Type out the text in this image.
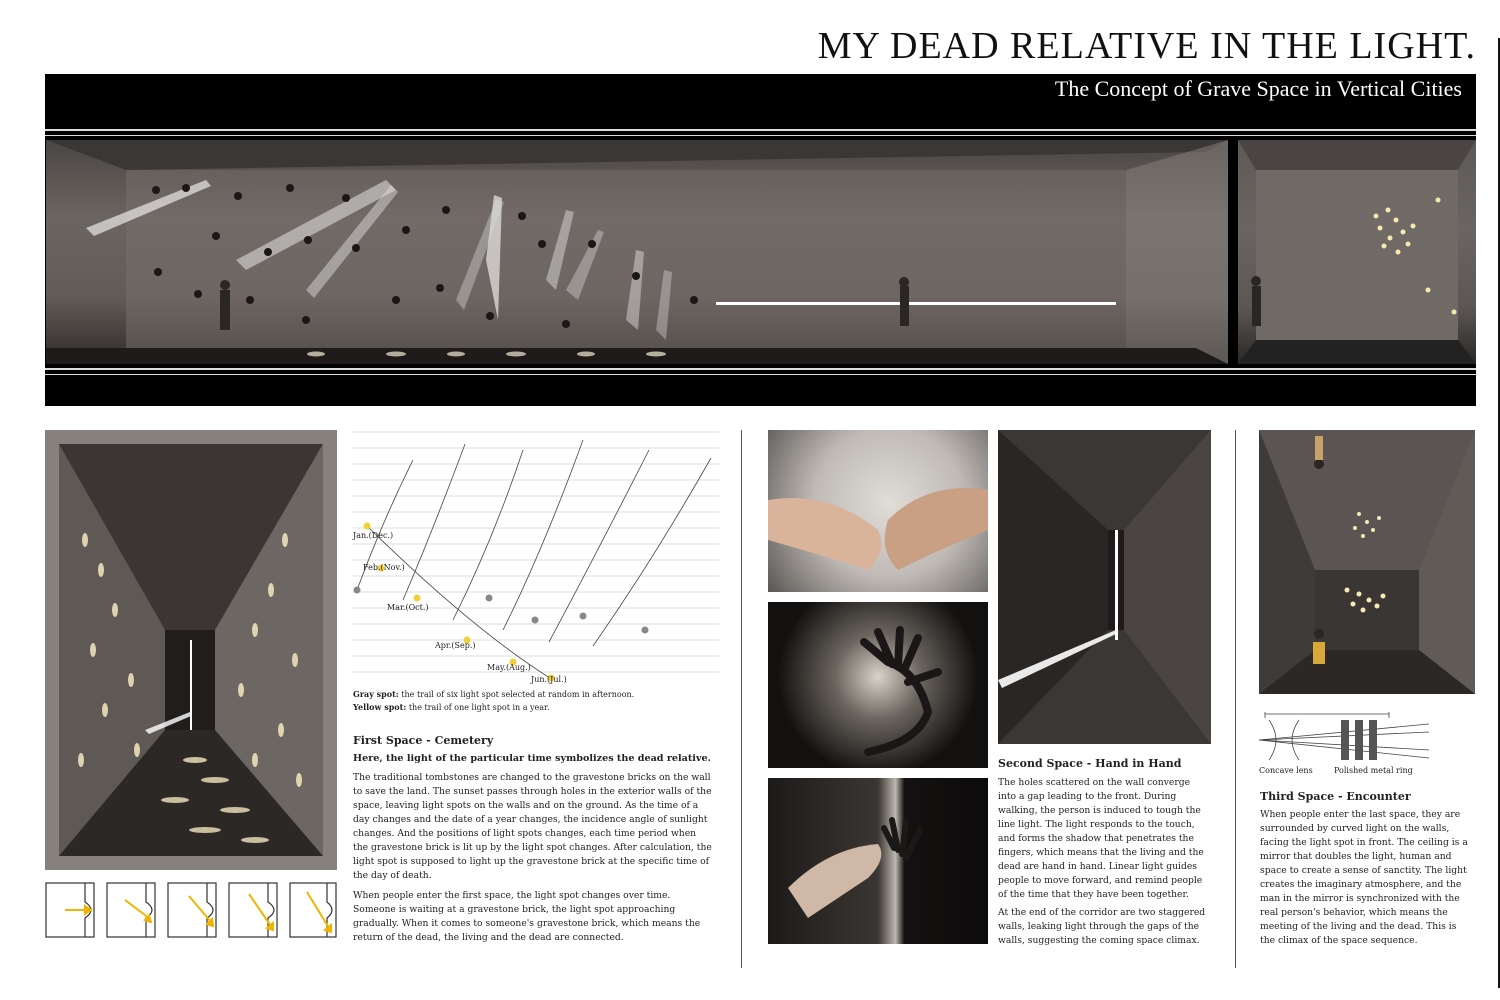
MY DEAD RELATIVE IN THE LIGHT.
The Concept of Grave Space in Vertical Cities
Jan.(Dec.)
Feb.(Nov.)
Mar.(Oct.)
Apr.(Sep.)
May.(Aug.)
Jun.(Jul.)
Gray spot: the trail of six light spot selected at random in afternoon.
Yellow spot: the trail of one light spot in a year.
First Space - Cemetery
Here, the light of the particular time symbolizes the dead relative.
The traditional tombstones are changed to the gravestone bricks on the wall to save the land. The sunset passes through holes in the exterior walls of the space, leaving light spots on the walls and on the ground. As the time of a day changes and the date of a year changes, the incidence angle of sunlight changes. And the positions of light spots changes, each time period when the gravestone brick is lit up by the light spot changes. After calculation, the light spot is supposed to light up the gravestone brick at the specific time of the day of death.
When people enter the first space, the light spot changes over time. Someone is waiting at a gravestone brick, the light spot approaching gradually. When it comes to someone's gravestone brick, which means the return of the dead, the living and the dead are connected.
Second Space - Hand in Hand
The holes scattered on the wall converge into a gap leading to the front. During walking, the person is induced to tough the line light. The light responds to the touch, and forms the shadow that penetrates the fingers, which means that the living and the dead are hand in hand. Linear light guides people to move forward, and remind people of the time that they have been together.
At the end of the corridor are two staggered walls, leaking light through the gaps of the walls, suggesting the coming space climax.
Concave lens	Polished metal ring
Third Space - Encounter
When people enter the last space, they are surrounded by curved light on the walls, facing the light spot in front. The ceiling is a mirror that doubles the light, human and space to create a sense of sanctity. The light creates the imaginary atmosphere, and the man in the mirror is synchronized with the real person's behavior, which means the meeting of the living and the dead. This is the climax of the space sequence.
